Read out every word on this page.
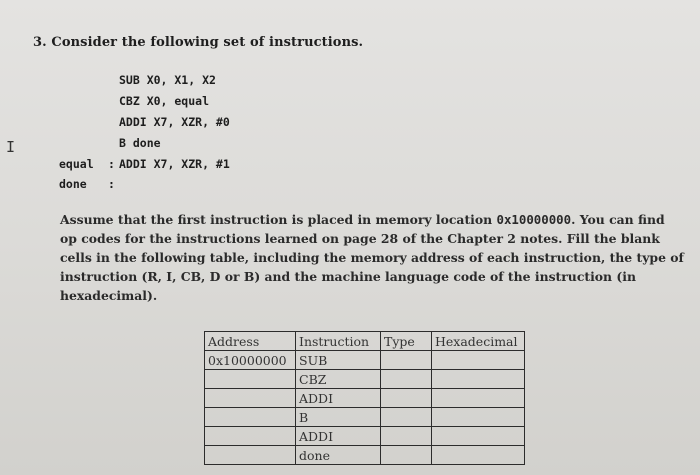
I
3. Consider the following set of instructions.
SUB X0, X1, X2
CBZ X0, equal
ADDI X7, XZR, #0
B done
equal : ADDI X7, XZR, #1
done :
Assume that the first instruction is placed in memory location 0x10000000. You can find op codes for the instructions learned on page 28 of the Chapter 2 notes. Fill the blank cells in the following table, including the memory address of each instruction, the type of instruction (R, I, CB, D or B) and the machine language code of the instruction (in hexadecimal).
Address	Instruction	Type	Hexadecimal
0x10000000	SUB		
	CBZ		
	ADDI		
	B		
	ADDI		
	done		
